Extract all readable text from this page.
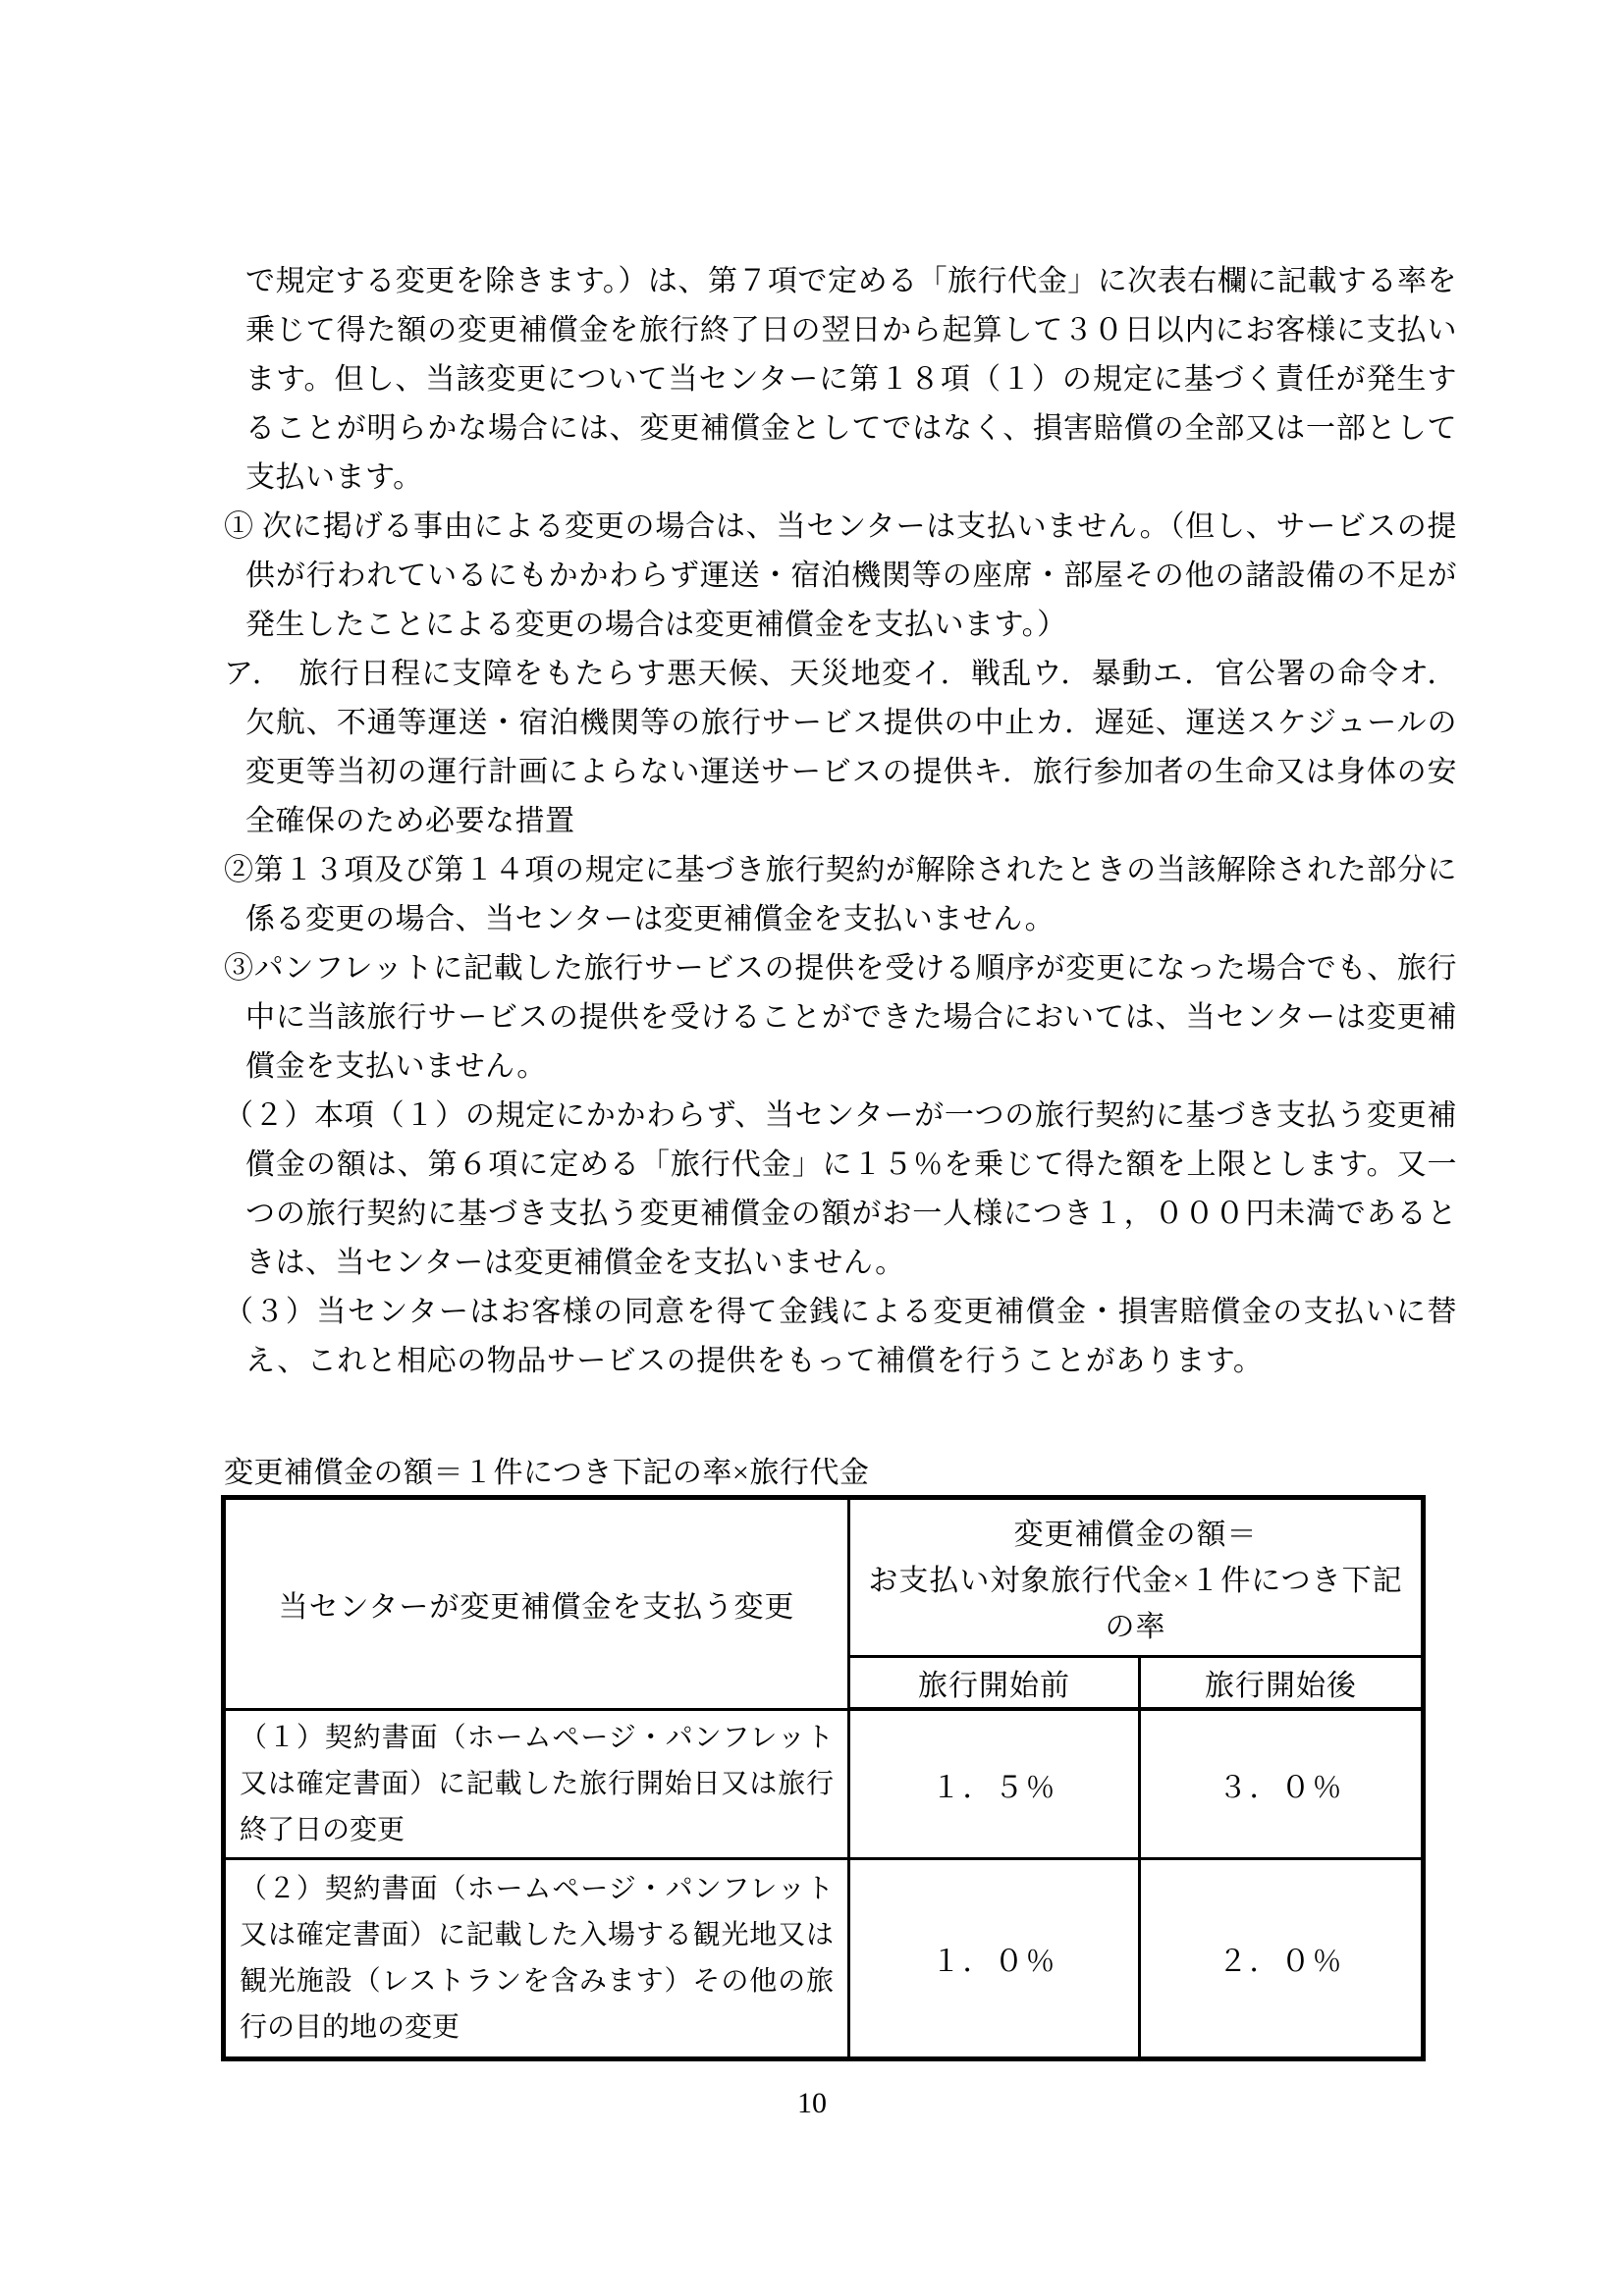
で規定する変更を除きます。）は、第７項で定める「旅行代金」に次表右欄に記載する率を乗じて得た額の変更補償金を旅行終了日の翌日から起算して３０日以内にお客様に支払います。但し、当該変更について当センターに第１８項（１）の規定に基づく責任が発生することが明らかな場合には、変更補償金としてではなく、損害賠償の全部又は一部として支払います。

① 次に掲げる事由による変更の場合は、当センターは支払いません。（但し、サービスの提供が行われているにもかかわらず運送・宿泊機関等の座席・部屋その他の諸設備の不足が発生したことによる変更の場合は変更補償金を支払います。）

ア．　旅行日程に支障をもたらす悪天候、天災地変イ．戦乱ウ．暴動エ．官公署の命令オ．欠航、不通等運送・宿泊機関等の旅行サービス提供の中止カ．遅延、運送スケジュールの変更等当初の運行計画によらない運送サービスの提供キ．旅行参加者の生命又は身体の安全確保のため必要な措置

②第１３項及び第１４項の規定に基づき旅行契約が解除されたときの当該解除された部分に係る変更の場合、当センターは変更補償金を支払いません。

③パンフレットに記載した旅行サービスの提供を受ける順序が変更になった場合でも、旅行中に当該旅行サービスの提供を受けることができた場合においては、当センターは変更補償金を支払いません。

（２）本項（１）の規定にかかわらず、当センターが一つの旅行契約に基づき支払う変更補償金の額は、第６項に定める「旅行代金」に１５％を乗じて得た額を上限とします。又一つの旅行契約に基づき支払う変更補償金の額がお一人様につき１，０００円未満であるときは、当センターは変更補償金を支払いません。

（３）当センターはお客様の同意を得て金銭による変更補償金・損害賠償金の支払いに替え、これと相応の物品サービスの提供をもって補償を行うことがあります。

変更補償金の額＝１件につき下記の率×旅行代金
当センターが変更補償金を支払う変更	変更補償金の額＝
お支払い対象旅行代金×１件につき下記
の率	

	旅行開始前	旅行開始後
（１）契約書面（ホームページ・パンフレット又は確定書面）に記載した旅行開始日又は旅行終了日の変更	１．５％	３．０％
（２）契約書面（ホームページ・パンフレット又は確定書面）に記載した入場する観光地又は観光施設（レストランを含みます）その他の旅行の目的地の変更	１．０％	２．０％
10
